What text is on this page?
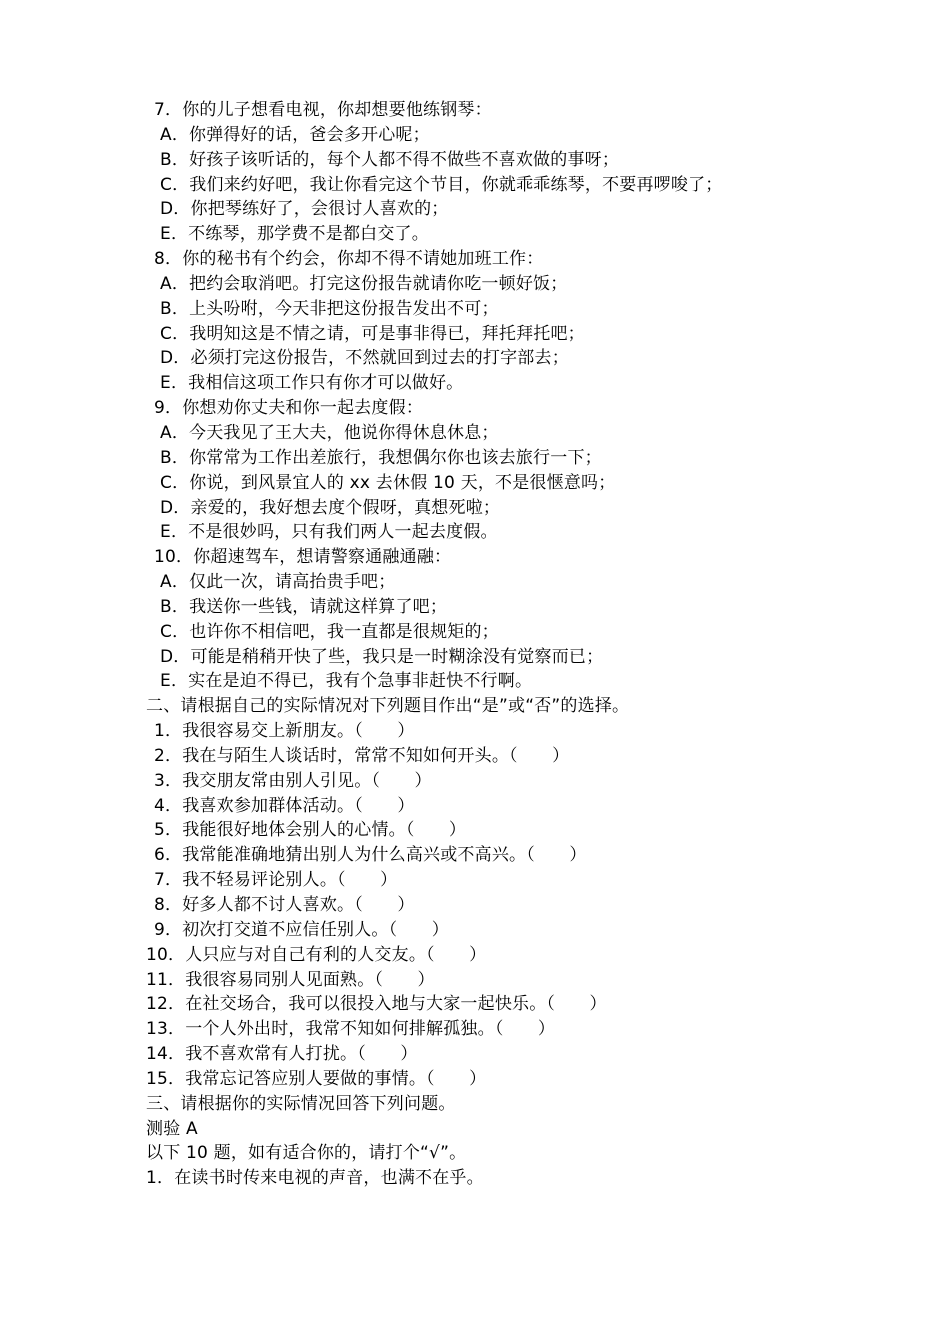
7．你的儿子想看电视，你却想要他练钢琴：
A．你弹得好的话，爸会多开心呢；
B．好孩子该听话的，每个人都不得不做些不喜欢做的事呀；
C．我们来约好吧，我让你看完这个节目，你就乖乖练琴，不要再啰唆了；
D．你把琴练好了，会很讨人喜欢的；
E．不练琴，那学费不是都白交了。
8．你的秘书有个约会，你却不得不请她加班工作：
A．把约会取消吧。打完这份报告就请你吃一顿好饭；
B．上头吩咐，今天非把这份报告发出不可；
C．我明知这是不情之请，可是事非得已，拜托拜托吧；
D．必须打完这份报告，不然就回到过去的打字部去；
E．我相信这项工作只有你才可以做好。
9．你想劝你丈夫和你一起去度假：
A．今天我见了王大夫，他说你得休息休息；
B．你常常为工作出差旅行，我想偶尔你也该去旅行一下；
C．你说，到风景宜人的 xx 去休假 10 天，不是很惬意吗；
D．亲爱的，我好想去度个假呀，真想死啦；
E．不是很妙吗，只有我们两人一起去度假。
10．你超速驾车，想请警察通融通融：
A．仅此一次，请高抬贵手吧；
B．我送你一些钱，请就这样算了吧；
C．也许你不相信吧，我一直都是很规矩的；
D．可能是稍稍开快了些，我只是一时糊涂没有觉察而已；
E．实在是迫不得已，我有个急事非赶快不行啊。
二、请根据自己的实际情况对下列题目作出“是”或“否”的选择。
1．我很容易交上新朋友。（　　）
2．我在与陌生人谈话时，常常不知如何开头。（　　）
3．我交朋友常由别人引见。（　　）
4．我喜欢参加群体活动。（　　）
5．我能很好地体会别人的心情。（　　）
6．我常能准确地猜出别人为什么高兴或不高兴。（　　）
7．我不轻易评论别人。（　　）
8．好多人都不讨人喜欢。（　　）
9．初次打交道不应信任别人。（　　）
10．人只应与对自己有利的人交友。（　　）
11．我很容易同别人见面熟。（　　）
12．在社交场合，我可以很投入地与大家一起快乐。（　　）
13．一个人外出时，我常不知如何排解孤独。（　　）
14．我不喜欢常有人打扰。（　　）
15．我常忘记答应别人要做的事情。（　　）
三、请根据你的实际情况回答下列问题。
测验 A
以下 10 题，如有适合你的，请打个“√”。
1．在读书时传来电视的声音，也满不在乎。
